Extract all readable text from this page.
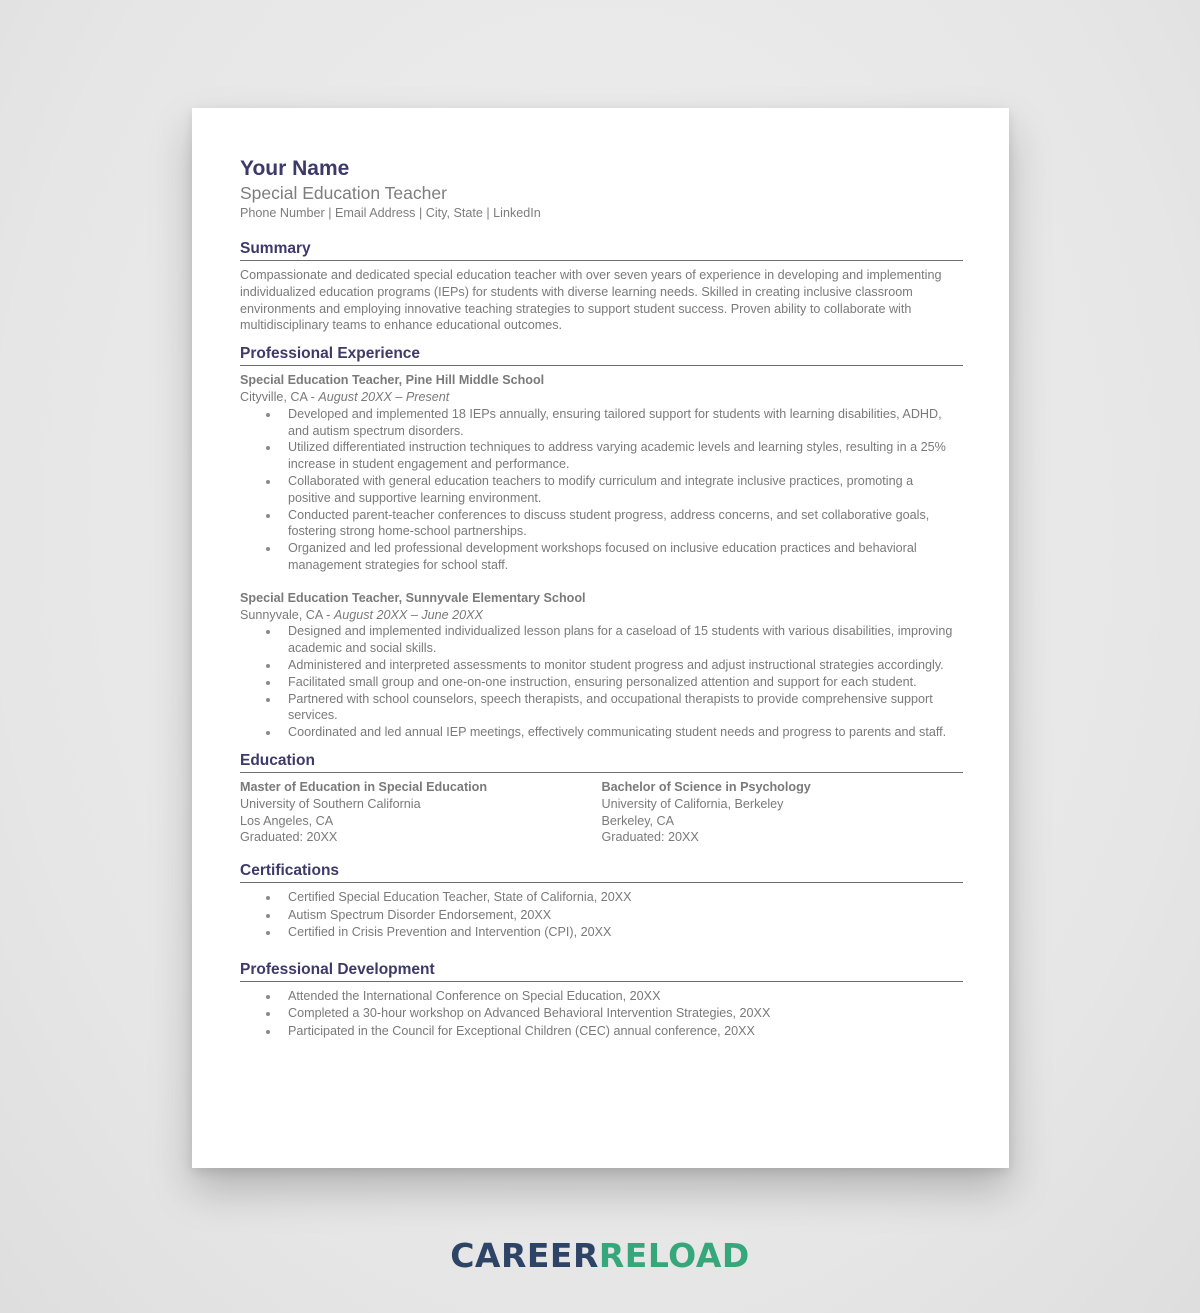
Your Name

Special Education Teacher

Phone Number | Email Address | City, State | LinkedIn

Summary

Compassionate and dedicated special education teacher with over seven years of experience in developing and implementing individualized education programs (IEPs) for students with diverse learning needs. Skilled in creating inclusive classroom environments and employing innovative teaching strategies to support student success. Proven ability to collaborate with multidisciplinary teams to enhance educational outcomes.

Professional Experience

Special Education Teacher, Pine Hill Middle School

Cityville, CA - August 20XX – Present

Developed and implemented 18 IEPs annually, ensuring tailored support for students with learning disabilities, ADHD, and autism spectrum disorders.
Utilized differentiated instruction techniques to address varying academic levels and learning styles, resulting in a 25% increase in student engagement and performance.
Collaborated with general education teachers to modify curriculum and integrate inclusive practices, promoting a positive and supportive learning environment.
Conducted parent-teacher conferences to discuss student progress, address concerns, and set collaborative goals, fostering strong home-school partnerships.
Organized and led professional development workshops focused on inclusive education practices and behavioral management strategies for school staff.

Special Education Teacher, Sunnyvale Elementary School

Sunnyvale, CA - August 20XX – June 20XX

Designed and implemented individualized lesson plans for a caseload of 15 students with various disabilities, improving academic and social skills.
Administered and interpreted assessments to monitor student progress and adjust instructional strategies accordingly.
Facilitated small group and one-on-one instruction, ensuring personalized attention and support for each student.
Partnered with school counselors, speech therapists, and occupational therapists to provide comprehensive support services.
Coordinated and led annual IEP meetings, effectively communicating student needs and progress to parents and staff.
Education

Master of Education in Special Education

University of Southern California

Los Angeles, CA

Graduated: 20XX

Bachelor of Science in Psychology

University of California, Berkeley

Berkeley, CA

Graduated: 20XX

Certifications
Certified Special Education Teacher, State of California, 20XX
Autism Spectrum Disorder Endorsement, 20XX
Certified in Crisis Prevention and Intervention (CPI), 20XX
Professional Development
Attended the International Conference on Special Education, 20XX
Completed a 30-hour workshop on Advanced Behavioral Intervention Strategies, 20XX
Participated in the Council for Exceptional Children (CEC) annual conference, 20XX
CAREERRELOAD
